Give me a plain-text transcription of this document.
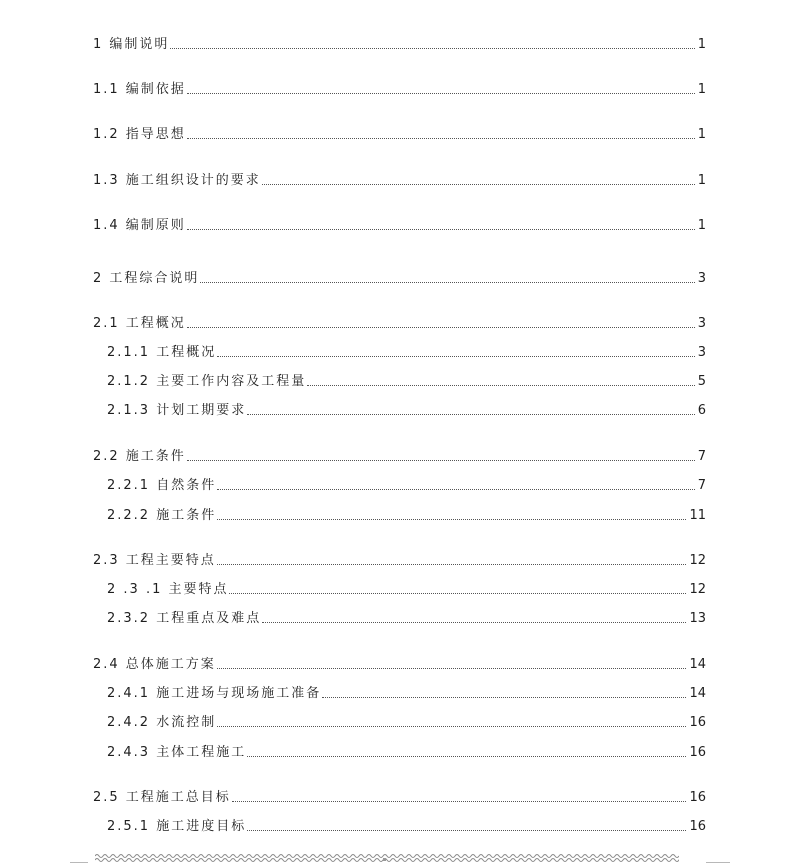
1 编制说明	1
1.1 编制依据	1
1.2 指导思想	1
1.3 施工组织设计的要求	1
1.4 编制原则	1
2 工程综合说明	3
2.1 工程概况	3
2.1.1 工程概况	3
2.1.2 主要工作内容及工程量	5
2.1.3 计划工期要求	6
2.2 施工条件	7
2.2.1 自然条件	7
2.2.2 施工条件	11
2.3 工程主要特点	12
2 .3 .1 主要特点	12
2.3.2 工程重点及难点	13
2.4 总体施工方案	14
2.4.1 施工进场与现场施工准备	14
2.4.2 水流控制	16
2.4.3 主体工程施工	16
2.5 工程施工总目标	16
2.5.1 施工进度目标	16
